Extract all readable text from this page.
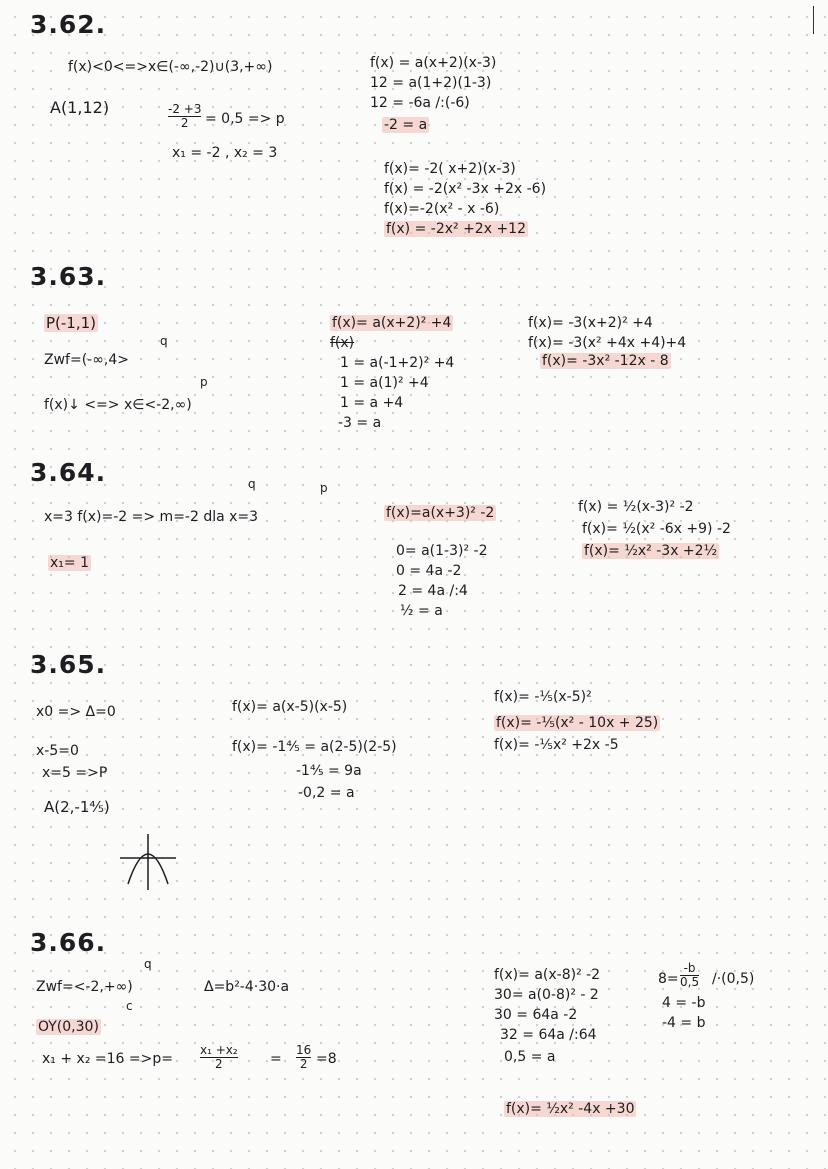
3.62.
f(x)<0<=>x∈(-∞,-2)∪(3,+∞)
A(1,12)	-2 +3
2 = 0,5 => p
x₁ = -2 , x₂ = 3
f(x) = a(x+2)(x-3)
12 = a(1+2)(1-3)
12 = -6a /:(-6)
-2 = a
f(x)= -2( x+2)(x-3)
f(x) = -2(x² -3x +2x -6)
f(x)=-2(x² - x -6)
f(x) = -2x² +2x +12
3.63.
P(-1,1)
q
Zwf=(-∞,4>
p
f(x)↓ <=> x∈<-2,∞)
f(x)= a(x+2)² +4
f(x)
1 = a(-1+2)² +4
1 = a(1)² +4
1 = a +4
-3 = a
f(x)= -3(x+2)² +4
f(x)= -3(x² +4x +4)+4
f(x)= -3x² -12x - 8
3.64.	q	p
x=3 f(x)=-2 => m=-2 dla x=3
x₁= 1
f(x)=a(x+3)² -2
0= a(1-3)² -2
0 = 4a -2
2 = 4a /:4
½ = a
f(x) = ½(x-3)² -2
f(x)= ½(x² -6x +9) -2
f(x)= ½x² -3x +2½
3.65.
x0 => Δ=0
x-5=0
x=5 =>P
A(2,-1⅘)
f(x)= a(x-5)(x-5)
f(x)= -1⅘ = a(2-5)(2-5)
-1⅘ = 9a
-0,2 = a
f(x)= -⅕(x-5)²
f(x)= -⅕(x² - 10x + 25)
f(x)= -⅕x² +2x -5
3.66.
q
Zwf=<-2,+∞)
c
OY(0,30)
Δ=b²-4·30·a
x₁ + x₂ =16 =>p=
x₁ +x₂
2	=
16
2 =8
f(x)= a(x-8)² -2
30= a(0-8)² - 2
30 = 64a -2
32 = 64a /:64
0,5 = a
f(x)= ½x² -4x +30
8=
-b
0,5 /·(0,5)
4 = -b
-4 = b
